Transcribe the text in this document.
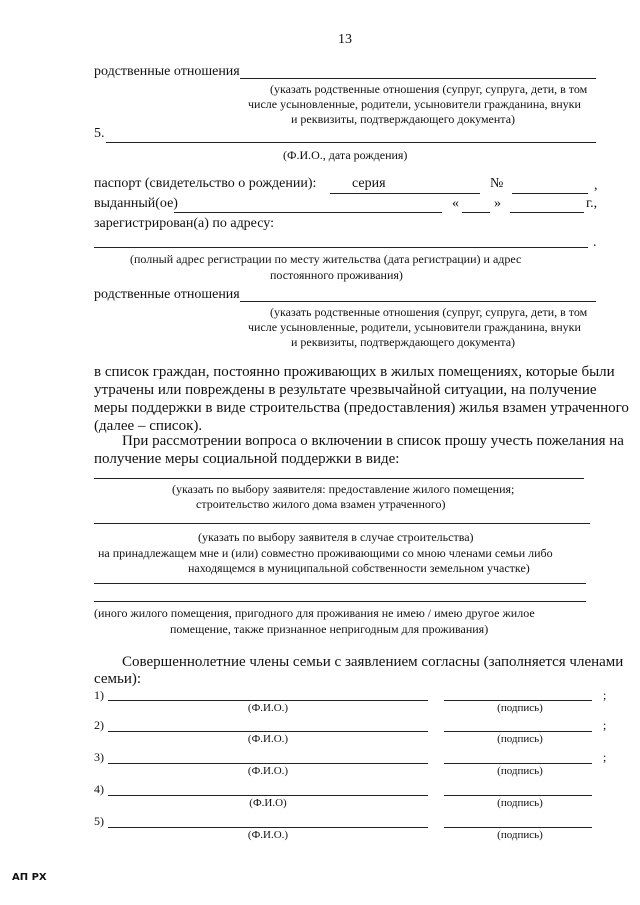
13
родственные отношения
(указать родственные отношения (супруг, супруга, дети, в том
числе усыновленные, родители, усыновители гражданина, внуки
и реквизиты, подтверждающего документа)
5.
(Ф.И.О., дата рождения)
паспорт (свидетельство о рождении):	серия	№	,
выданный(ое)	«	»	г.,
зарегистрирован(а) по адресу:
.
(полный адрес регистрации по месту жительства (дата регистрации) и адрес
постоянного проживания)
родственные отношения
(указать родственные отношения (супруг, супруга, дети, в том
числе усыновленные, родители, усыновители гражданина, внуки
и реквизиты, подтверждающего документа)
в список граждан, постоянно проживающих в жилых помещениях, которые были
утрачены или повреждены в результате чрезвычайной ситуации, на получение
меры поддержки в виде строительства (предоставления) жилья взамен утраченного
(далее – список).
При рассмотрении вопроса о включении в список прошу учесть пожелания на
получение меры социальной поддержки в виде:
(указать по выбору заявителя: предоставление жилого помещения;
строительство жилого дома взамен утраченного)
(указать по выбору заявителя в случае строительства)
на принадлежащем мне и (или) совместно проживающими со мною членами семьи либо
находящемся в муниципальной собственности земельном участке)
(иного жилого помещения, пригодного для проживания не имею / имею другое жилое
помещение, также признанное непригодным для проживания)
Совершеннолетние члены семьи с заявлением согласны (заполняется членами
семьи):
1)	;
(Ф.И.О.)	(подпись)
2)	;
(Ф.И.О.)	(подпись)
3)	;
(Ф.И.О.)	(подпись)
4)
(Ф.И.О)	(подпись)
5)
(Ф.И.О.)	(подпись)
АП РХ
